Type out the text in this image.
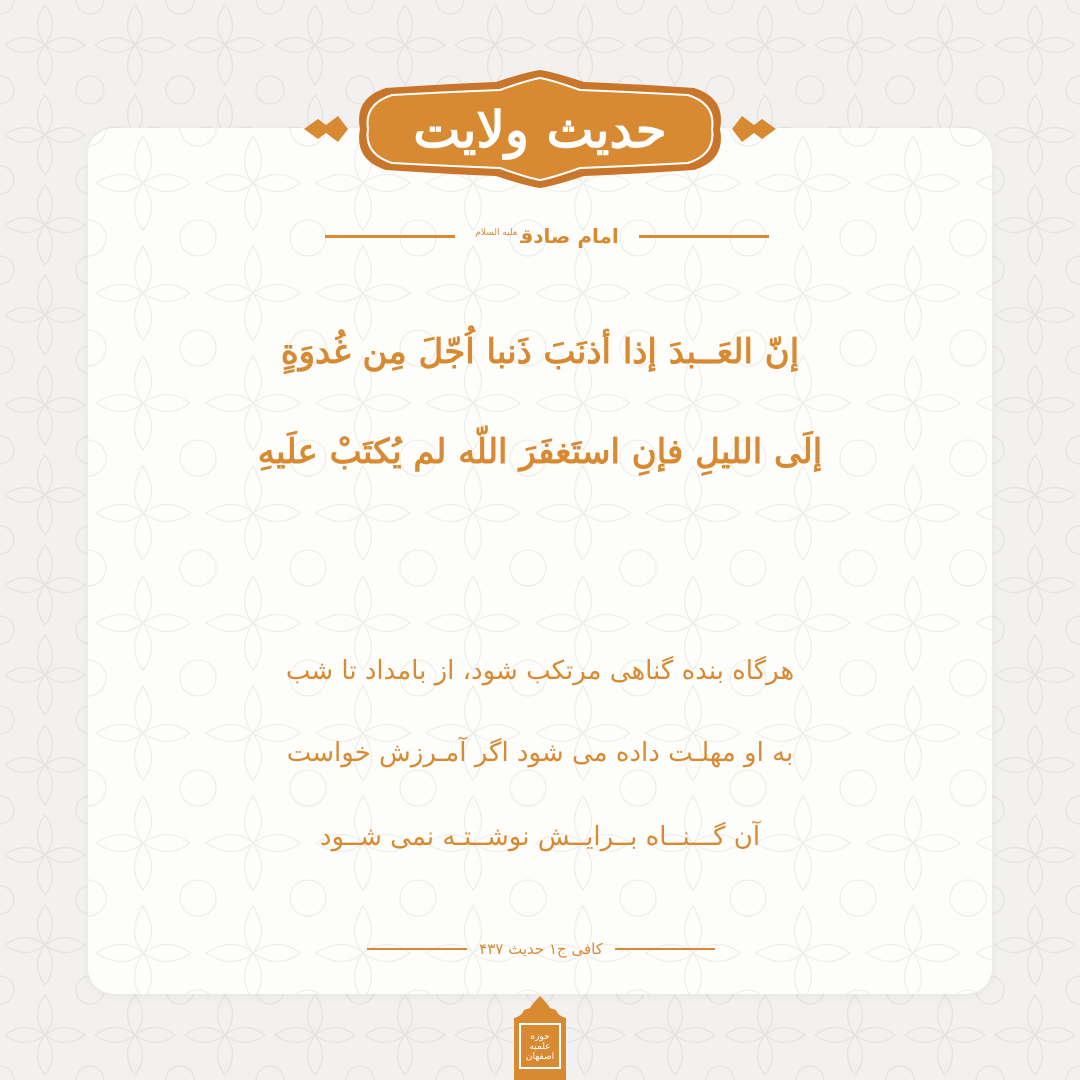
حدیث ولایت
امام صادق$^{علیه السلام}$
إنّ العَــبدَ إذا أذنَبَ ذَنبا اُجّلَ مِن غُدوَةٍ
إلَى الليلِ فإنِ استَغفَرَ اللّه لم يُكتَبْ علَيهِ
هرگاه بنده گناهی مرتکب شود، از بامداد تا شب
به او مهلـت داده می شود اگر آمـرزش خواست
آن گـــنــاه بــرایــش نوشــتـه نمی شــود
کافی ج۱ حدیث ۴۳۷
حوزه
علمیه
اصفهان
